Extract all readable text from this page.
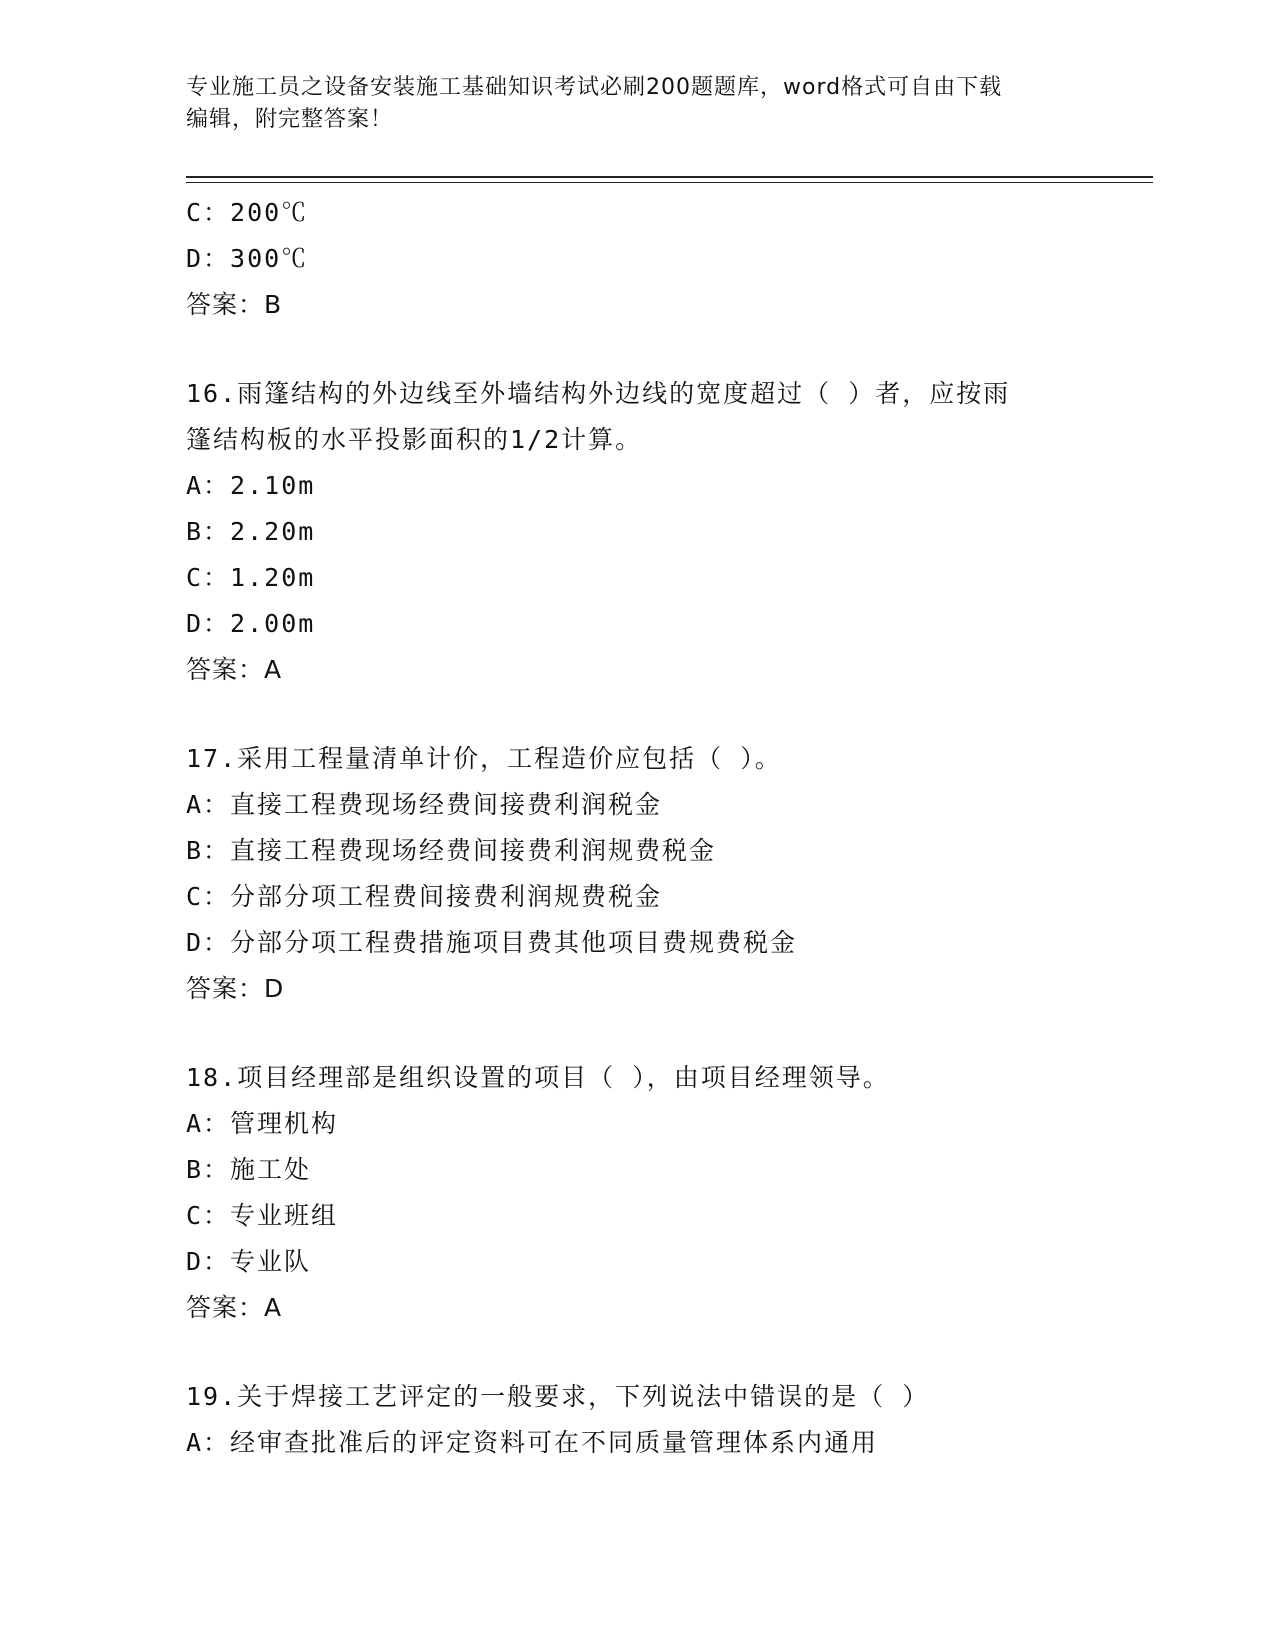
专业施工员之设备安装施工基础知识考试必刷200题题库，word格式可自由下载
编辑，附完整答案！
C：200℃
D：300℃
答案：B
16.雨篷结构的外边线至外墙结构外边线的宽度超过（ ）者，应按雨
篷结构板的水平投影面积的1/2计算。
A：2.10m
B：2.20m
C：1.20m
D：2.00m
答案：A
17.采用工程量清单计价，工程造价应包括（ ）。
A：直接工程费现场经费间接费利润税金
B：直接工程费现场经费间接费利润规费税金
C：分部分项工程费间接费利润规费税金
D：分部分项工程费措施项目费其他项目费规费税金
答案：D
18.项目经理部是组织设置的项目（ ），由项目经理领导。
A：管理机构
B：施工处
C：专业班组
D：专业队
答案：A
19.关于焊接工艺评定的一般要求，下列说法中错误的是（ ）
A：经审查批准后的评定资料可在不同质量管理体系内通用
